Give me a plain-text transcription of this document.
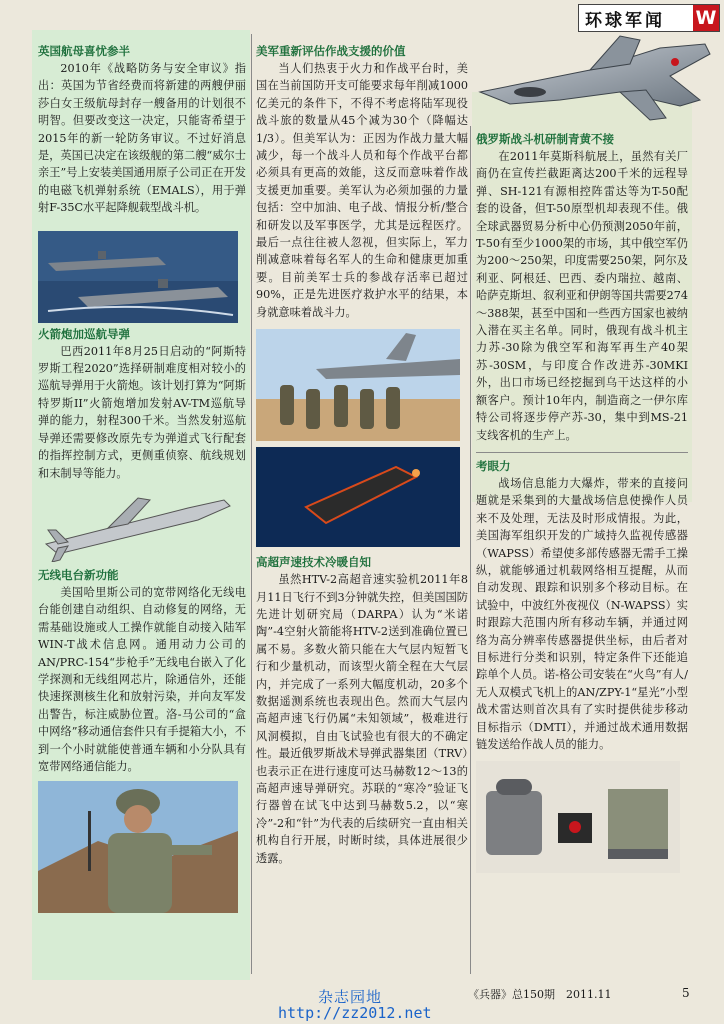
环球军闻	W
英国航母喜忧参半

2010年《战略防务与安全审议》指出：英国为节省经费而将新建的两艘伊丽莎白女王级航母封存一艘备用的计划很不明智。但要改变这一决定，只能寄希望于2015年的新一轮防务审议。不过好消息是，英国已决定在该级舰的第二艘“威尔士亲王”号上安装美国通用原子公司正在开发的电磁飞机弹射系统（EMALS），用于弹射F-35C水平起降舰载型战斗机。

火箭炮加巡航导弹

巴西2011年8月25日启动的“阿斯特罗斯工程2020”选择研制难度相对较小的巡航导弹用于火箭炮。该计划打算为“阿斯特罗斯II”火箭炮增加发射AV-TM巡航导弹的能力，射程300千米。当然发射巡航导弹还需要修改原先专为弹道式飞行配套的指挥控制方式，更侧重侦察、航线规划和末制导等能力。

无线电台新功能

美国哈里斯公司的宽带网络化无线电台能创建自动组织、自动修复的网络，无需基础设施或人工操作就能自动接入陆军WIN-T战术信息网。通用动力公司的AN/PRC-154“步枪手”无线电台嵌入了化学探测和无线组网芯片，除通信外，还能快速探测核生化和放射污染，并向友军发出警告，标注威胁位置。洛-马公司的“盒中网络”移动通信套件只有手提箱大小，不到一个小时就能使普通车辆和小分队具有宽带网络通信能力。

美军重新评估作战支援的价值

当人们热衷于火力和作战平台时，美国在当前国防开支可能要求每年削减1000亿美元的条件下，不得不考虑将陆军现役战斗旅的数量从45个减为30个（降幅达1/3）。但美军认为：正因为作战力量大幅减少，每一个战斗人员和每个作战平台都必须具有更高的效能，这反而意味着作战支援更加重要。美军认为必须加强的力量包括：空中加油、电子战、情报分析/整合和研发以及军事医学，尤其是远程医疗。最后一点往往被人忽视，但实际上，军力削减意味着每名军人的生命和健康更加重要。目前美军士兵的参战存活率已超过90%，正是先进医疗救护水平的结果，本身就意味着战斗力。

高超声速技术冷暖自知

虽然HTV-2高超音速实验机2011年8月11日飞行不到3分钟就失控，但美国国防先进计划研究局（DARPA）认为“米诺陶”-4空射火箭能将HTV-2送到准确位置已属不易。多数火箭只能在大气层内短暂飞行和少量机动，而该型火箭全程在大气层内，并完成了一系列大幅度机动，20多个数据遥测系统也表现出色。然而大气层内高超声速飞行仍属“未知领域”，极难进行风洞模拟，自由飞试验也有很大的不确定性。最近俄罗斯战术导弹武器集团（TRV）也表示正在进行速度可达马赫数12～13的高超声速导弹研究。苏联的“寒冷”验证飞行器曾在试飞中达到马赫数5.2，以“寒冷”-2和“针”为代表的后续研究一直由相关机构自行开展，时断时续，具体进展很少透露。

俄罗斯战斗机研制青黄不接

在2011年莫斯科航展上，虽然有关厂商仍在宣传拦截距离达200千米的远程导弹、SH-121有源相控阵雷达等为T-50配套的设备，但T-50原型机却表现不佳。俄全球武器贸易分析中心仍预测2050年前，T-50有至少1000架的市场，其中俄空军仍为200～250架，印度需要250架，阿尔及利亚、阿根廷、巴西、委内瑞拉、越南、哈萨克斯坦、叙利亚和伊朗等国共需要274～388架，甚至中国和一些西方国家也被纳入潜在买主名单。同时，俄现有战斗机主力苏-30除为俄空军和海军再生产40架苏-30SM，与印度合作改进苏-30MKI外，出口市场已经挖掘到乌干达这样的小额客户。预计10年内，制造商之一伊尔库特公司将逐步停产苏-30，集中到MS-21支线客机的生产上。

考眼力

战场信息能力大爆炸，带来的直接问题就是采集到的大量战场信息使操作人员来不及处理，无法及时形成情报。为此，美国海军组织开发的广域持久监视传感器（WAPSS）希望使多部传感器无需手工操纵，就能够通过机载网络相互提醒，从而自动发现、跟踪和识别多个移动目标。在试验中，中波红外夜视仪（N-WAPSS）实时跟踪大范围内所有移动车辆，并通过网络为高分辨率传感器提供坐标，由后者对目标进行分类和识别，特定条件下还能追踪单个人员。诺-格公司安装在“火鸟”有人/无人双模式飞机上的AN/ZPY-1“星光”小型战术雷达则首次具有了实时提供徒步移动目标指示（DMTI），并通过战术通用数据链发送给作战人员的能力。

杂志园地
http://zz2012.net
《兵器》总150期　2011.11	5
